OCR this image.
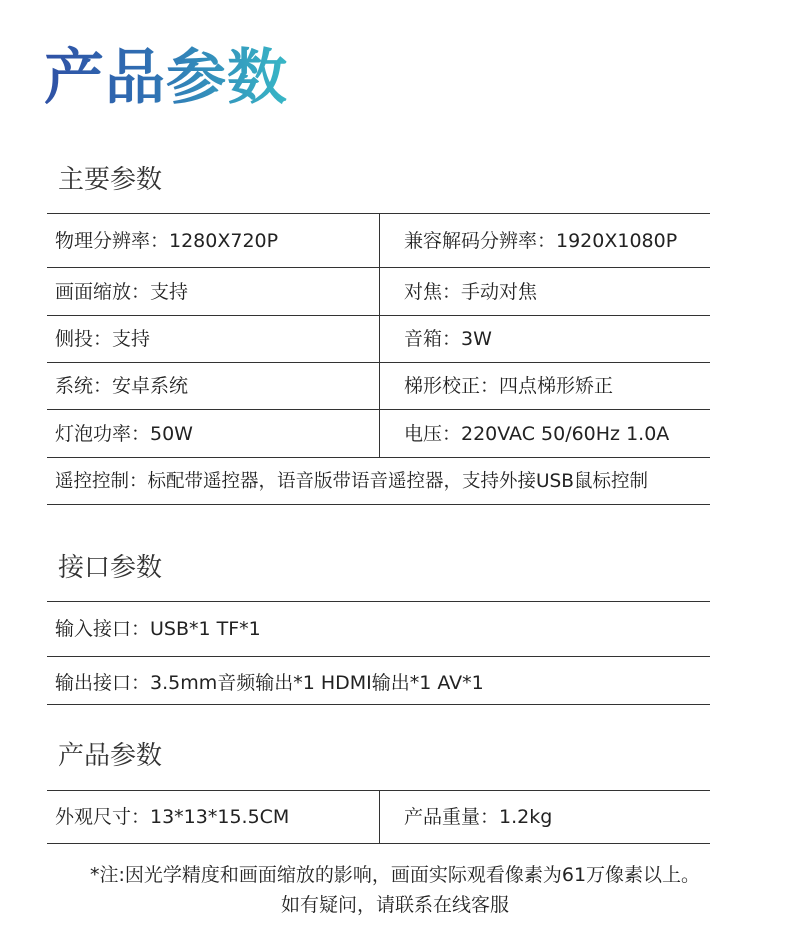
产品参数
主要参数
物理分辨率：1280X720P	兼容解码分辨率：1920X1080P
画面缩放：支持	对焦：手动对焦
侧投：支持	音箱：3W
系统：安卓系统	梯形校正：四点梯形矫正
灯泡功率：50W	电压：220VAC 50/60Hz 1.0A
遥控控制：标配带遥控器，语音版带语音遥控器，支持外接USB鼠标控制
接口参数
输入接口：USB*1 TF*1
输出接口：3.5mm音频输出*1 HDMI输出*1 AV*1
产品参数
外观尺寸：13*13*15.5CM	产品重量：1.2kg
*注:因光学精度和画面缩放的影响，画面实际观看像素为61万像素以上。
如有疑问，请联系在线客服
